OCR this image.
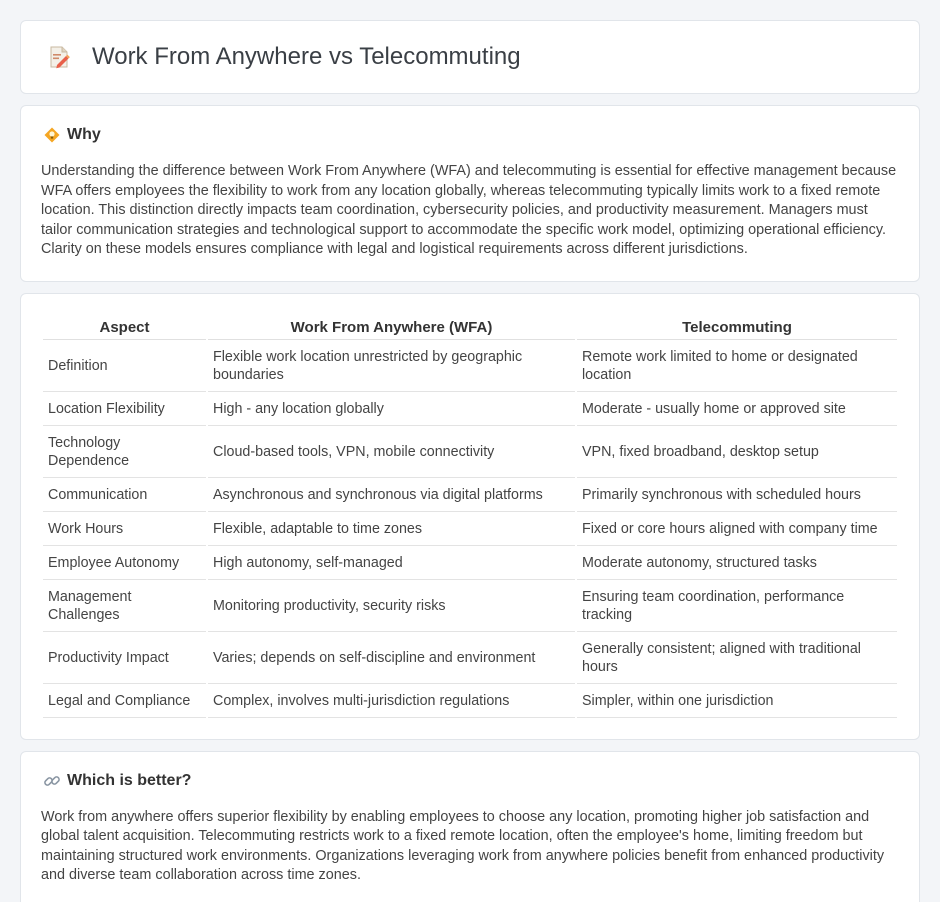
Work From Anywhere vs Telecommuting
Why

Understanding the difference between Work From Anywhere (WFA) and telecommuting is essential for effective management because WFA offers employees the flexibility to work from any location globally, whereas telecommuting typically limits work to a fixed remote location. This distinction directly impacts team coordination, cybersecurity policies, and productivity measurement. Managers must tailor communication strategies and technological support to accommodate the specific work model, optimizing operational efficiency. Clarity on these models ensures compliance with legal and logistical requirements across different jurisdictions.

Aspect	Work From Anywhere (WFA)	Telecommuting
Definition	Flexible work location unrestricted by geographic boundaries	Remote work limited to home or designated location
Location Flexibility	High - any location globally	Moderate - usually home or approved site
Technology Dependence	Cloud-based tools, VPN, mobile connectivity	VPN, fixed broadband, desktop setup
Communication	Asynchronous and synchronous via digital platforms	Primarily synchronous with scheduled hours
Work Hours	Flexible, adaptable to time zones	Fixed or core hours aligned with company time
Employee Autonomy	High autonomy, self-managed	Moderate autonomy, structured tasks
Management Challenges	Monitoring productivity, security risks	Ensuring team coordination, performance tracking
Productivity Impact	Varies; depends on self-discipline and environment	Generally consistent; aligned with traditional hours
Legal and Compliance	Complex, involves multi-jurisdiction regulations	Simpler, within one jurisdiction
Which is better?

Work from anywhere offers superior flexibility by enabling employees to choose any location, promoting higher job satisfaction and global talent acquisition. Telecommuting restricts work to a fixed remote location, often the employee's home, limiting freedom but maintaining structured work environments. Organizations leveraging work from anywhere policies benefit from enhanced productivity and diverse team collaboration across time zones.
